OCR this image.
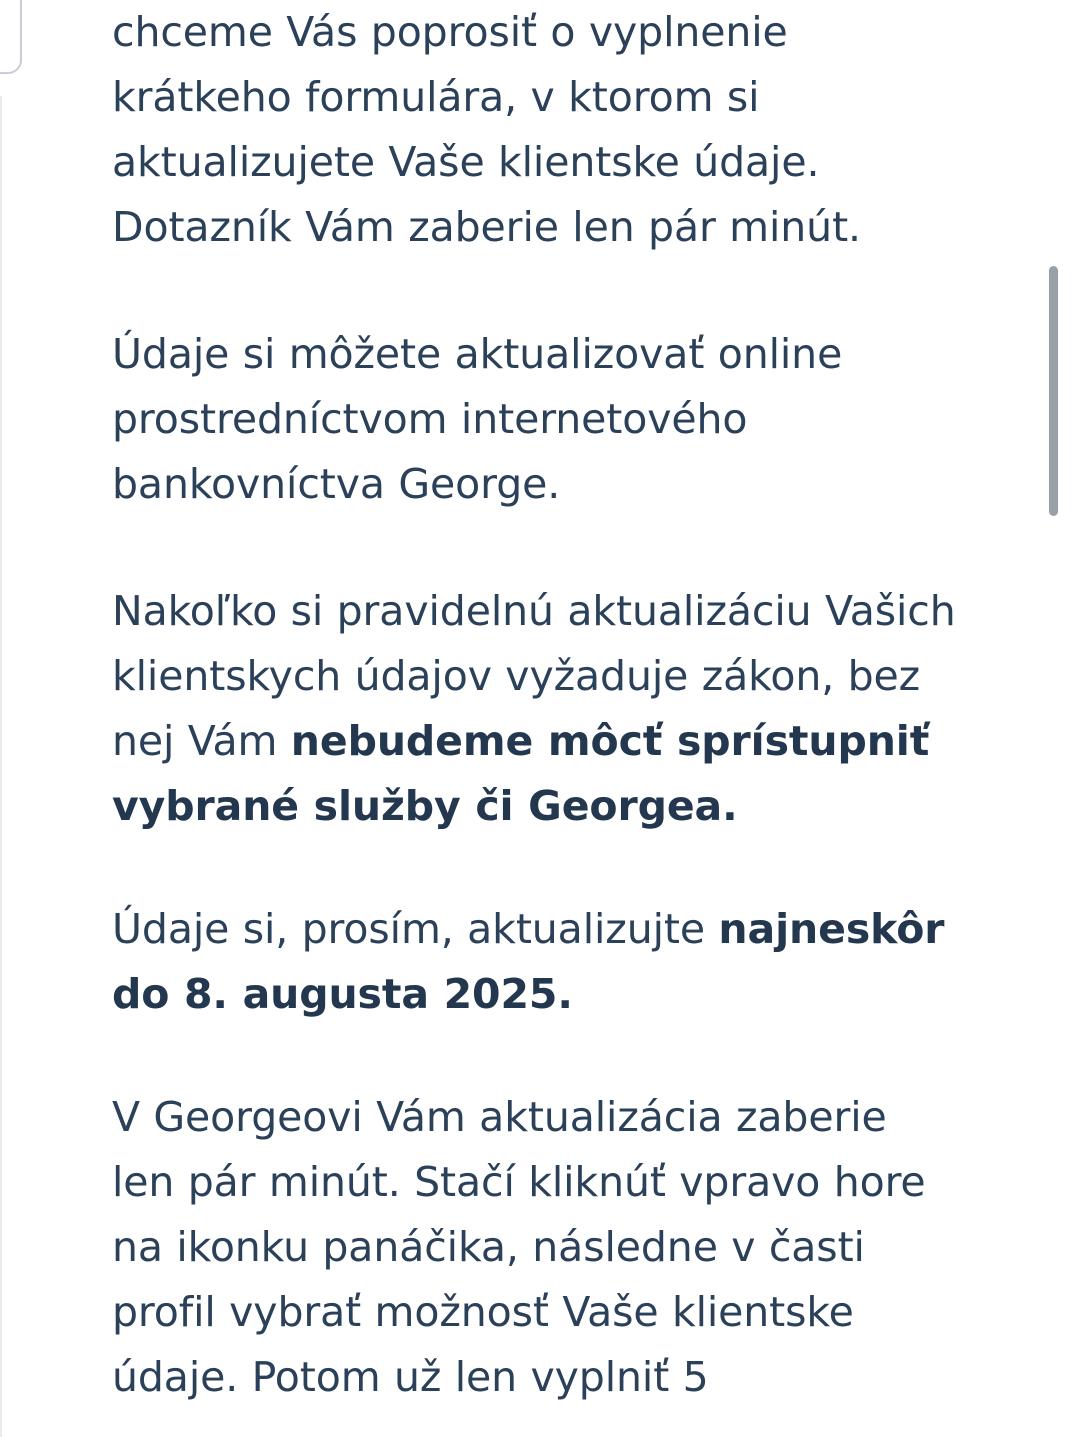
chceme Vás poprosiť o vyplnenie krátkeho formulára, v ktorom si aktualizujete Vaše klientske údaje. Dotazník Vám zaberie len pár minút.

Údaje si môžete aktualizovať online prostredníctvom internetového bankovníctva George.

Nakoľko si pravidelnú aktualizáciu Vašich klientskych údajov vyžaduje zákon, bez nej Vám nebudeme môcť sprístupniť vybrané služby či Georgea.

Údaje si, prosím, aktualizujte najneskôr do 8. augusta 2025.

V Georgeovi Vám aktualizácia zaberie len pár minút. Stačí kliknúť vpravo hore na ikonku panáčika, následne v časti profil vybrať možnosť Vaše klientske údaje. Potom už len vyplniť 5
